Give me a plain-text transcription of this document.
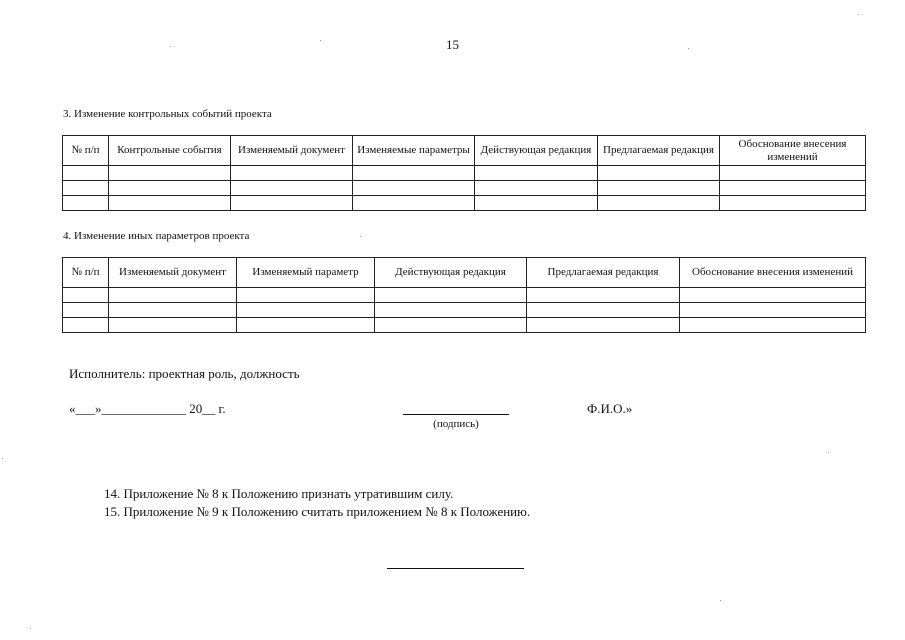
15
3. Изменение контрольных событий проекта
№ п/п	Контрольные события	Изменяемый документ	Изменяемые параметры	Действующая редакция	Предлагаемая редакция	Обоснование внесения изменений

4. Изменение иных параметров проекта
№ п/п	Изменяемый документ	Изменяемый параметр	Действующая редакция	Предлагаемая редакция	Обоснование внесения изменений

Исполнитель: проектная роль, должность
«___»_____________ 20__ г.
(подпись)
Ф.И.О.»
14. Приложение № 8 к Положению признать утратившим силу.
15. Приложение № 9 к Положению считать приложением № 8 к Положению.
